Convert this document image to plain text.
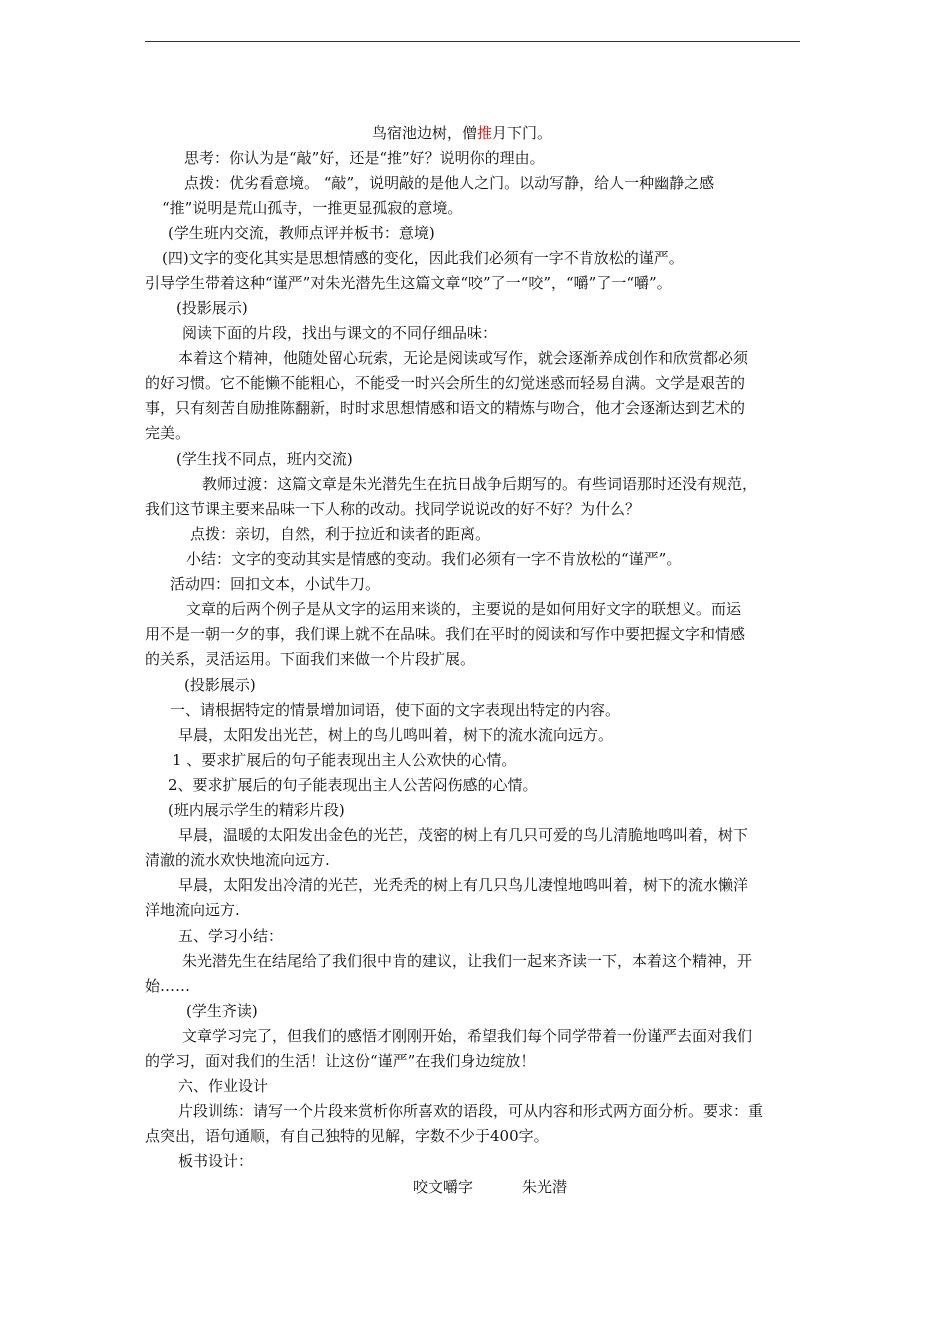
鸟宿池边树，僧推月下门。
思考：你认为是“敲”好，还是“推”好？说明你的理由。
点拨：优劣看意境。 “敲”，说明敲的是他人之门。以动写静，给人一种幽静之感
“推”说明是荒山孤寺，一推更显孤寂的意境。
(学生班内交流，教师点评并板书：意境)
(四)文字的变化其实是思想情感的变化，因此我们必须有一字不肯放松的谨严。
引导学生带着这种“谨严”对朱光潜先生这篇文章“咬”了一“咬”，“嚼”了一“嚼”。
(投影展示)
阅读下面的片段，找出与课文的不同仔细品味：
本着这个精神，他随处留心玩索，无论是阅读或写作，就会逐渐养成创作和欣赏都必须
的好习惯。它不能懒不能粗心，不能受一时兴会所生的幻觉迷惑而轻易自满。文学是艰苦的
事，只有刻苦自励推陈翻新，时时求思想情感和语文的精炼与吻合，他才会逐渐达到艺术的
完美。
(学生找不同点，班内交流)
教师过渡：这篇文章是朱光潜先生在抗日战争后期写的。有些词语那时还没有规范，
我们这节课主要来品味一下人称的改动。找同学说说改的好不好？为什么？
点拨：亲切，自然，利于拉近和读者的距离。
小结：文字的变动其实是情感的变动。我们必须有一字不肯放松的“谨严”。
活动四：回扣文本，小试牛刀。
文章的后两个例子是从文字的运用来谈的，主要说的是如何用好文字的联想义。而运
用不是一朝一夕的事，我们课上就不在品味。我们在平时的阅读和写作中要把握文字和情感
的关系，灵活运用。下面我们来做一个片段扩展。
(投影展示)
一、请根据特定的情景增加词语，使下面的文字表现出特定的内容。
早晨，太阳发出光芒，树上的鸟儿鸣叫着，树下的流水流向远方。
1 、要求扩展后的句子能表现出主人公欢快的心情。
2、要求扩展后的句子能表现出主人公苦闷伤感的心情。
(班内展示学生的精彩片段)
早晨，温暖的太阳发出金色的光芒，茂密的树上有几只可爱的鸟儿清脆地鸣叫着，树下
清澈的流水欢快地流向远方.
早晨，太阳发出冷清的光芒，光秃秃的树上有几只鸟儿凄惶地鸣叫着，树下的流水懒洋
洋地流向远方.
五、学习小结：
朱光潜先生在结尾给了我们很中肯的建议，让我们一起来齐读一下，本着这个精神，开
始……
(学生齐读)
文章学习完了，但我们的感悟才刚刚开始，希望我们每个同学带着一份谨严去面对我们
的学习，面对我们的生活！让这份“谨严”在我们身边绽放！
六、作业设计
片段训练：请写一个片段来赏析你所喜欢的语段，可从内容和形式两方面分析。要求：重
点突出，语句通顺，有自己独特的见解，字数不少于400字。
板书设计：
咬文嚼字	朱光潜
